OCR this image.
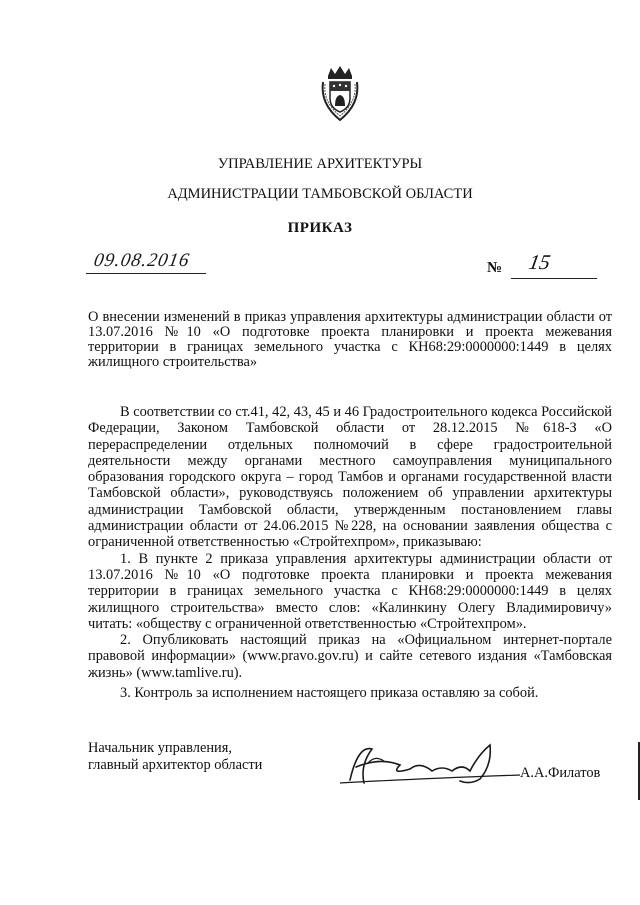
УПРАВЛЕНИЕ АРХИТЕКТУРЫ
АДМИНИСТРАЦИИ ТАМБОВСКОЙ ОБЛАСТИ
ПРИКАЗ
09.08.2016	№ 15

О внесении изменений в приказ управления архитектуры администрации области от 13.07.2016 №10 «О подготовке проекта планировки и проекта межевания территории в границах земельного участка с КН68:29:0000000:1449 в целях жилищного строительства»

В соответствии со ст.41, 42, 43, 45 и 46 Градостроительного кодекса Российской Федерации, Законом Тамбовской области от 28.12.2015 №618-З «О перераспределении отдельных полномочий в сфере градостроительной деятельности между органами местного самоуправления муниципального образования городского округа – город Тамбов и органами государственной власти Тамбовской области», руководствуясь положением об управлении архитектуры администрации Тамбовской области, утвержденным постановлением главы администрации области от 24.06.2015 №228, на основании заявления общества с ограниченной ответственностью «Стройтехпром», приказываю:

1. В пункте 2 приказа управления архитектуры администрации области от 13.07.2016 №10 «О подготовке проекта планировки и проекта межевания территории в границах земельного участка с КН68:29:0000000:1449 в целях жилищного строительства» вместо слов: «Калинкину Олегу Владимировичу» читать: «обществу с ограниченной ответственностью «Стройтехпром».

2. Опубликовать настоящий приказ на «Официальном интернет-портале правовой информации» (www.pravo.gov.ru) и сайте сетевого издания «Тамбовская жизнь» (www.tamlive.ru).

3. Контроль за исполнением настоящего приказа оставляю за собой.

Начальник управления,
главный архитектор области	А.А.Филатов
